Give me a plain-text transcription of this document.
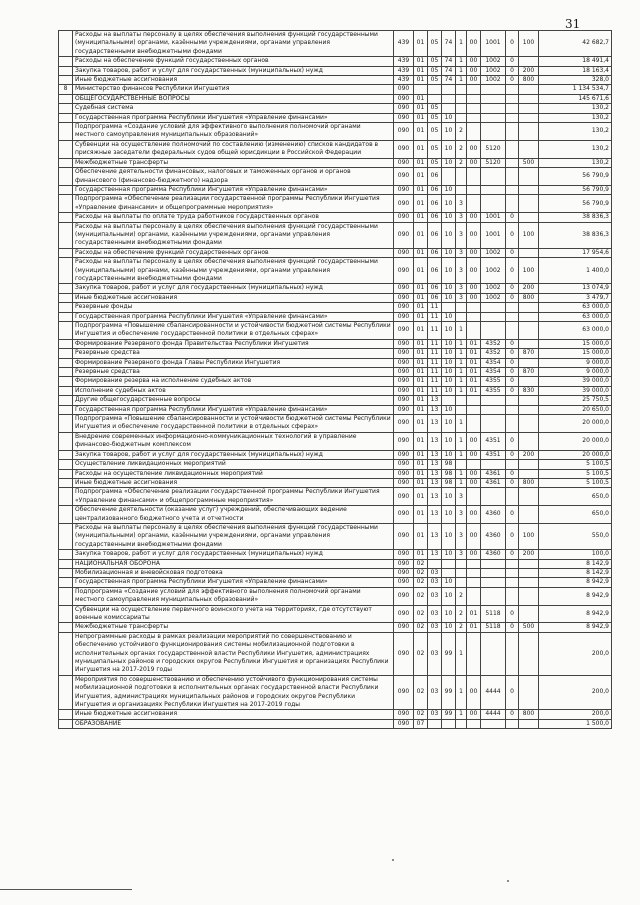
31
	Расходы на выплаты персоналу в целях обеспечения выполнения функций государственными (муниципальными) органами, казёнными учреждениями, органами управления государственными внебюджетными фондами	439	01	05	74	1	00	1001	0	100	42 682,7
	Расходы на обеспечение функций государственных органов	439	01	05	74	1	00	1002	0		18 491,4
	Закупка товаров, работ и услуг для государственных (муниципальных) нужд	439	01	05	74	1	00	1002	0	200	18 163,4
	Иные бюджетные ассигнования	439	01	05	74	1	00	1002	0	800	328,0
8	Министерство финансов Республики Ингушетия	090									1 134 534,7
	ОБЩЕГОСУДАРСТВЕННЫЕ ВОПРОСЫ	090	01								145 671,6
	Судебная система	090	01	05							130,2
	Государственная программа Республики Ингушетия «Управление финансами»	090	01	05	10						130,2
	Подпрограмма «Создание условий для эффективного выполнения полномочий органами местного самоуправления муниципальных образований»	090	01	05	10	2					130,2
	Субвенции на осуществление полномочий по составлению (изменению) списков кандидатов в присяжные заседатели федеральных судов общей юрисдикции в Российской Федерации	090	01	05	10	2	00	5120			130,2
	Межбюджетные трансферты	090	01	05	10	2	00	5120		500	130,2
	Обеспечение деятельности финансовых, налоговых и таможенных органов и органов финансового (финансово-бюджетного) надзора	090	01	06							56 790,9
	Государственная программа Республики Ингушетия «Управление финансами»	090	01	06	10						56 790,9
	Подпрограмма «Обеспечение реализации государственной программы Республики Ингушетия «Управление финансами» и общепрограммные мероприятия»	090	01	06	10	3					56 790,9
	Расходы на выплаты по оплате труда работников государственных органов	090	01	06	10	3	00	1001	0		38 836,3
	Расходы на выплаты персоналу в целях обеспечения выполнения функций государственными (муниципальными) органами, казёнными учреждениями, органами управления государственными внебюджетными фондами	090	01	06	10	3	00	1001	0	100	38 836,3
	Расходы на обеспечение функций государственных органов	090	01	06	10	3	00	1002	0		17 954,6
	Расходы на выплаты персоналу в целях обеспечения выполнения функций государственными (муниципальными) органами, казёнными учреждениями, органами управления государственными внебюджетными фондами	090	01	06	10	3	00	1002	0	100	1 400,0
	Закупка товаров, работ и услуг для государственных (муниципальных) нужд	090	01	06	10	3	00	1002	0	200	13 074,9
	Иные бюджетные ассигнования	090	01	06	10	3	00	1002	0	800	3 479,7
	Резервные фонды	090	01	11							63 000,0
	Государственная программа Республики Ингушетия «Управление финансами»	090	01	11	10						63 000,0
	Подпрограмма «Повышение сбалансированности и устойчивости бюджетной системы Республики Ингушетия и обеспечение государственной политики в отдельных сферах»	090	01	11	10	1					63 000,0
	Формирование Резервного фонда Правительства Республики Ингушетия	090	01	11	10	1	01	4352	0		15 000,0
	Резервные средства	090	01	11	10	1	01	4352	0	870	15 000,0
	Формирование Резервного фонда Главы Республики Ингушетия	090	01	11	10	1	01	4354	0		9 000,0
	Резервные средства	090	01	11	10	1	01	4354	0	870	9 000,0
	Формирование резерва на исполнение судебных актов	090	01	11	10	1	01	4355	0		39 000,0
	Исполнение судебных актов	090	01	11	10	1	01	4355	0	830	39 000,0
	Другие общегосударственные вопросы	090	01	13							25 750,5
	Государственная программа Республики Ингушетия «Управление финансами»	090	01	13	10						20 650,0
	Подпрограмма «Повышение сбалансированности и устойчивости бюджетной системы Республики Ингушетия и обеспечение государственной политики в отдельных сферах»	090	01	13	10	1					20 000,0
	Внедрение современных информационно-коммуникационных технологий в управление финансово-бюджетным комплексом	090	01	13	10	1	00	4351	0		20 000,0
	Закупка товаров, работ и услуг для государственных (муниципальных) нужд	090	01	13	10	1	00	4351	0	200	20 000,0
	Осуществление ликвидационных мероприятий	090	01	13	98						5 100,5
	Расходы на осуществление ликвидационных мероприятий	090	01	13	98	1	00	4361	0		5 100,5
	Иные бюджетные ассигнования	090	01	13	98	1	00	4361	0	800	5 100,5
	Подпрограмма «Обеспечение реализации государственной программы Республики Ингушетия «Управление финансами» и общепрограммные мероприятия»	090	01	13	10	3					650,0
	Обеспечение деятельности (оказание услуг) учреждений, обеспечивающих ведение централизованного бюджетного учета и отчетности	090	01	13	10	3	00	4360	0		650,0
	Расходы на выплаты персоналу в целях обеспечения выполнения функций государственными (муниципальными) органами, казёнными учреждениями, органами управления государственными внебюджетными фондами	090	01	13	10	3	00	4360	0	100	550,0
	Закупка товаров, работ и услуг для государственных (муниципальных) нужд	090	01	13	10	3	00	4360	0	200	100,0
	НАЦИОНАЛЬНАЯ ОБОРОНА	090	02								8 142,9
	Мобилизационная и вневойсковая подготовка	090	02	03							8 142,9
	Государственная программа Республики Ингушетия «Управление финансами»	090	02	03	10						8 942,9
	Подпрограмма «Создание условий для эффективного выполнения полномочий органами местного самоуправления муниципальных образований»	090	02	03	10	2					8 942,9
	Субвенции на осуществление первичного воинского учета на территориях, где отсутствуют военные комиссариаты	090	02	03	10	2	01	5118	0		8 942,9
	Межбюджетные трансферты	090	02	03	10	2	01	5118	0	500	8 942,9
	Непрограммные расходы в рамках реализации мероприятий по совершенствованию и обеспечению устойчивого функционирования системы мобилизационной подготовки в исполнительных органах государственной власти Республики Ингушетия, администрациях муниципальных районов и городских округов Республики Ингушетия и организациях Республики Ингушетия на 2017-2019 годы	090	02	03	99	1					200,0
	Мероприятия по совершенствованию и обеспечению устойчивого функционирования системы мобилизационной подготовки в исполнительных органах государственной власти Республики Ингушетия, администрациях муниципальных районов и городских округов Республики Ингушетия и организациях Республики Ингушетия на 2017-2019 годы	090	02	03	99	1	00	4444	0		200,0
	Иные бюджетные ассигнования	090	02	03	99	1	00	4444	0	800	200,0
	ОБРАЗОВАНИЕ	090	07								1 500,0
